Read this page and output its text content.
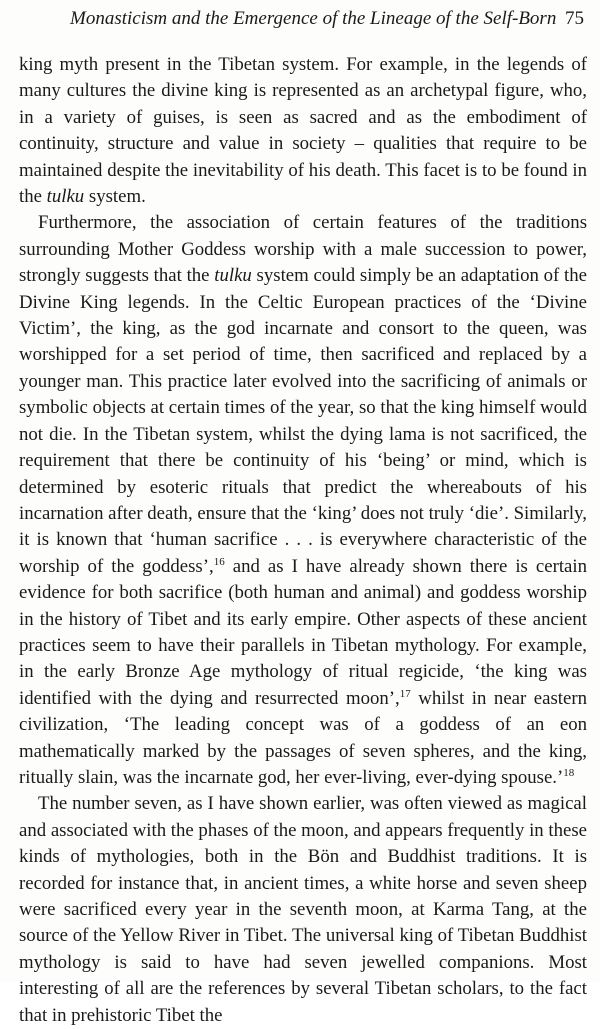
Monasticism and the Emergence of the Lineage of the Self-Born 75

king myth present in the Tibetan system. For example, in the legends of many cultures the divine king is represented as an archetypal figure, who, in a variety of guises, is seen as sacred and as the embodiment of continuity, structure and value in society – qualities that require to be maintained despite the inevitability of his death. This facet is to be found in the tulku system.

Furthermore, the association of certain features of the traditions surrounding Mother Goddess worship with a male succession to power, strongly suggests that the tulku system could simply be an adaptation of the Divine King legends. In the Celtic European practices of the ‘Divine Victim’, the king, as the god incarnate and consort to the queen, was worshipped for a set period of time, then sacrificed and replaced by a younger man. This practice later evolved into the sacrificing of animals or symbolic objects at certain times of the year, so that the king himself would not die. In the Tibetan system, whilst the dying lama is not sacrificed, the requirement that there be continuity of his ‘being’ or mind, which is determined by esoteric rituals that predict the whereabouts of his incarnation after death, ensure that the ‘king’ does not truly ‘die’. Similarly, it is known that ‘human sacrifice . . . is everywhere characteristic of the worship of the goddess’,$^{16}$ and as I have already shown there is certain evidence for both sacrifice (both human and animal) and goddess worship in the history of Tibet and its early empire. Other aspects of these ancient practices seem to have their parallels in Tibetan mythology. For example, in the early Bronze Age mythology of ritual regicide, ‘the king was identified with the dying and resurrected moon’,$^{17}$ whilst in near eastern civilization, ‘The leading concept was of a goddess of an eon mathematically marked by the passages of seven spheres, and the king, ritually slain, was the incarnate god, her ever-living, ever-dying spouse.’$^{18}$

The number seven, as I have shown earlier, was often viewed as magical and associated with the phases of the moon, and appears frequently in these kinds of mythologies, both in the Bön and Buddhist traditions. It is recorded for instance that, in ancient times, a white horse and seven sheep were sacrificed every year in the seventh moon, at Karma Tang, at the source of the Yellow River in Tibet. The universal king of Tibetan Buddhist mythology is said to have had seven jewelled companions. Most interesting of all are the references by several Tibetan scholars, to the fact that in prehistoric Tibet the
